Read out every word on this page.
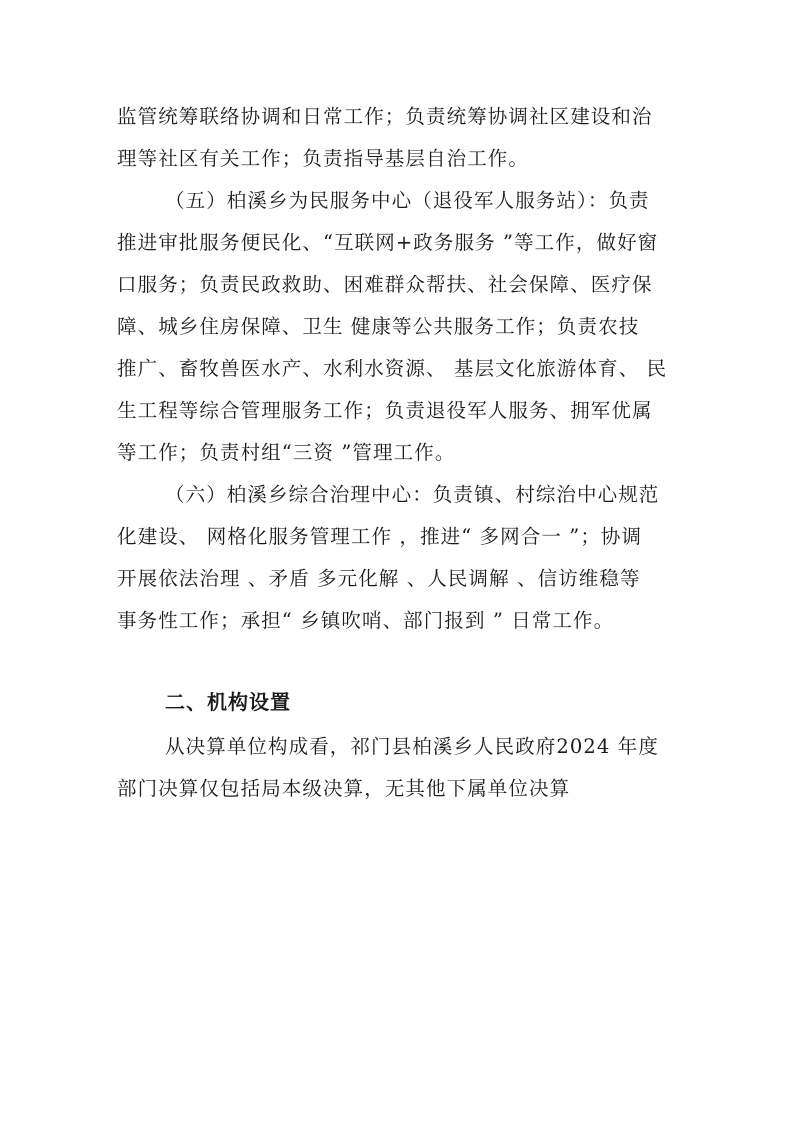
监管统筹联络协调和日常工作；负责统筹协调社区建设和治
理等社区有关工作；负责指导基层自治工作。
（五）柏溪乡为民服务中心（退役军人服务站）：负责
推进审批服务便民化、“互联网+政务服务 ”等工作，做好窗
口服务；负责民政救助、困难群众帮扶、社会保障、医疗保
障、城乡住房保障、卫生 健康等公共服务工作；负责农技
推广、畜牧兽医水产、水利水资源、 基层文化旅游体育、 民
生工程等综合管理服务工作；负责退役军人服务、拥军优属
等工作；负责村组“三资 ”管理工作。
（六）柏溪乡综合治理中心：负责镇、村综治中心规范
化建设、 网格化服务管理工作 ，推进“ 多网合一 ”；协调
开展依法治理 、矛盾 多元化解 、人民调解 、信访维稳等
事务性工作；承担“ 乡镇吹哨、部门报到 ” 日常工作。
二、机构设置
从决算单位构成看，祁门县柏溪乡人民政府2024 年度
部门决算仅包括局本级决算，无其他下属单位决算
